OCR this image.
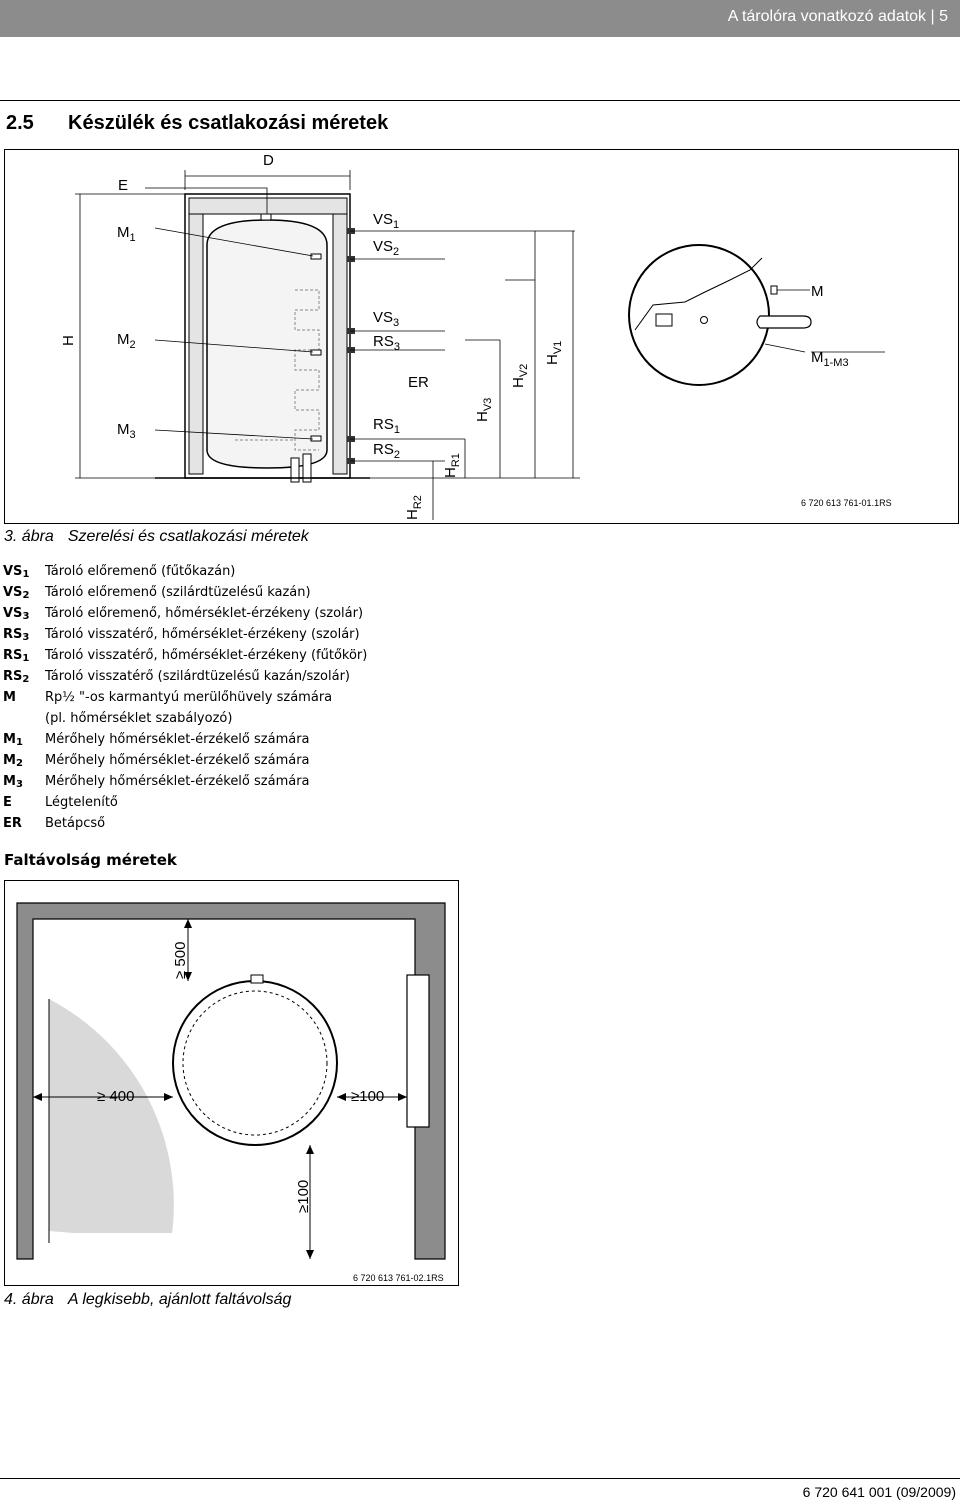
A tárolóra vonatkozó adatok | 5
2.5 Készülék és csatlakozási méretek
D
E
$M_1$
$M_2$
$M_3$
H
$VS_1$
$VS_2$
$VS_3$
$RS_3$
ER
$RS_1$
$RS_2$
$H_{V1}$
$H_{V2}$
$H_{V3}$
$H_{R1}$
$H_{R2}$
M
$M_{1-M3}$
6 720 613 761-01.1RS
3. ábra Szerelési és csatlakozási méretek
$VS_1$ Tároló előremenő (fűtőkazán)
$VS_2$ Tároló előremenő (szilárdtüzelésű kazán)
$VS_3$ Tároló előremenő, hőmérséklet-érzékeny (szolár)
$RS_3$ Tároló visszatérő, hőmérséklet-érzékeny (szolár)
$RS_1$ Tároló visszatérő, hőmérséklet-érzékeny (fűtőkör)
$RS_2$ Tároló visszatérő (szilárdtüzelésű kazán/szolár)
M Rp½ "-os karmantyú merülőhüvely számára
(pl. hőmérséklet szabályozó)
$M_1$ Mérőhely hőmérséklet-érzékelő számára
$M_2$ Mérőhely hőmérséklet-érzékelő számára
$M_3$ Mérőhely hőmérséklet-érzékelő számára
E	Légtelenítő
ER Betápcső
Faltávolság méretek
≥ 500
≥ 400	≥100
≥100
6 720 613 761-02.1RS
4. ábra A legkisebb, ajánlott faltávolság
6 720 641 001 (09/2009)
